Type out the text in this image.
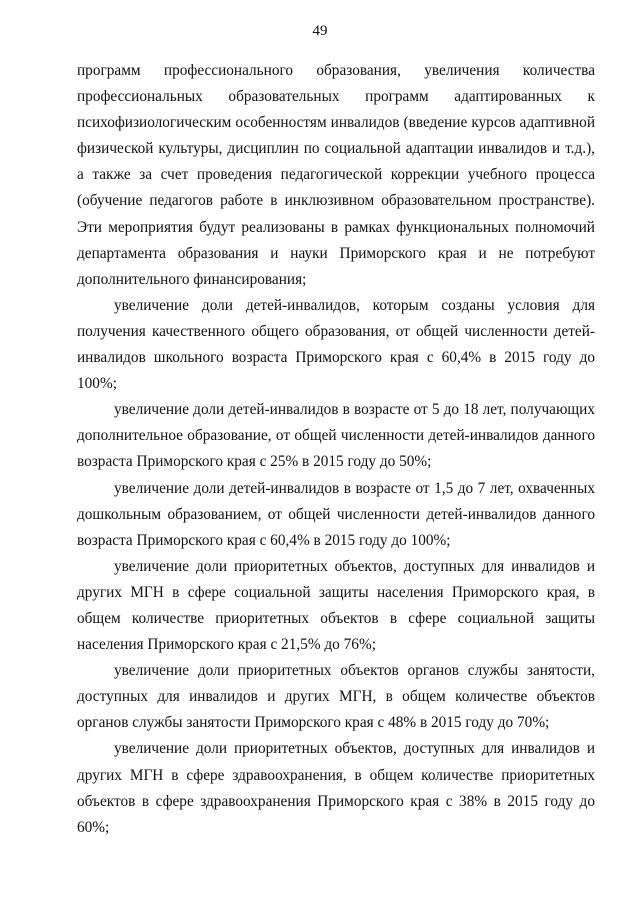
49

программ профессионального образования, увеличения количества профессиональных образовательных программ адаптированных к психофизиологическим особенностям инвалидов (введение курсов адаптивной физической культуры, дисциплин по социальной адаптации инвалидов и т.д.), а также за счет проведения педагогической коррекции учебного процесса (обучение педагогов работе в инклюзивном образовательном пространстве). Эти мероприятия будут реализованы в рамках функциональных полномочий департамента образования и науки Приморского края и не потребуют дополнительного финансирования;

увеличение доли детей-инвалидов, которым созданы условия для получения качественного общего образования, от общей численности детей-инвалидов школьного возраста Приморского края с 60,4% в 2015 году до 100%;

увеличение доли детей-инвалидов в возрасте от 5 до 18 лет, получающих дополнительное образование, от общей численности детей-инвалидов данного возраста Приморского края с 25% в 2015 году до 50%;

увеличение доли детей-инвалидов в возрасте от 1,5 до 7 лет, охваченных дошкольным образованием, от общей численности детей-инвалидов данного возраста Приморского края с 60,4% в 2015 году до 100%;

увеличение доли приоритетных объектов, доступных для инвалидов и других МГН в сфере социальной защиты населения Приморского края, в общем количестве приоритетных объектов в сфере социальной защиты населения Приморского края с 21,5% до 76%;

увеличение доли приоритетных объектов органов службы занятости, доступных для инвалидов и других МГН, в общем количестве объектов органов службы занятости Приморского края с 48% в 2015 году до 70%;

увеличение доли приоритетных объектов, доступных для инвалидов и других МГН в сфере здравоохранения, в общем количестве приоритетных объектов в сфере здравоохранения Приморского края с 38% в 2015 году до 60%;
